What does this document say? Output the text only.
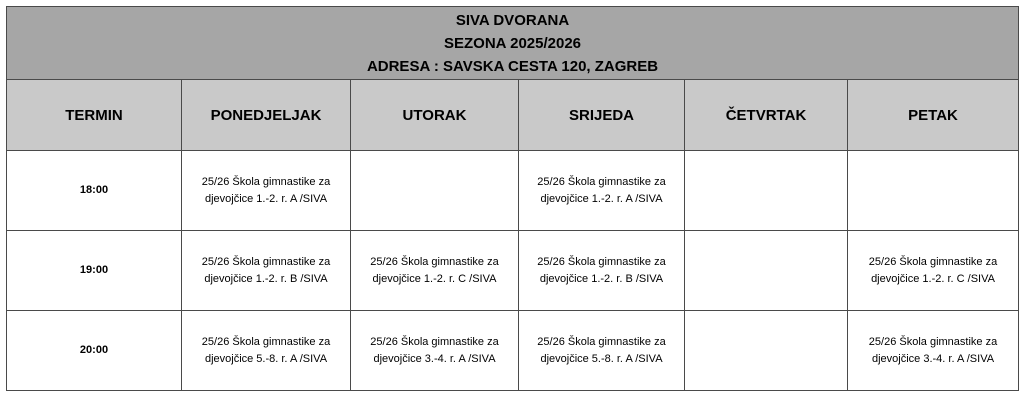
SIVA DVORANA
SEZONA 2025/2026
ADRESA : SAVSKA CESTA 120, ZAGREB					

TERMIN	PONEDJELJAK	UTORAK	SRIJEDA	ČETVRTAK	PETAK
18:00	25/26 Škola gimnastike za djevojčice 1.-2. r. A /SIVA		25/26 Škola gimnastike za djevojčice 1.-2. r. A /SIVA		

19:00	25/26 Škola gimnastike za djevojčice 1.-2. r. B /SIVA	25/26 Škola gimnastike za djevojčice 1.-2. r. C /SIVA	25/26 Škola gimnastike za djevojčice 1.-2. r. B /SIVA		25/26 Škola gimnastike za djevojčice 1.-2. r. C /SIVA

20:00	25/26 Škola gimnastike za djevojčice 5.-8. r. A /SIVA	25/26 Škola gimnastike za djevojčice 3.-4. r. A /SIVA	25/26 Škola gimnastike za djevojčice 5.-8. r. A /SIVA		25/26 Škola gimnastike za djevojčice 3.-4. r. A /SIVA
